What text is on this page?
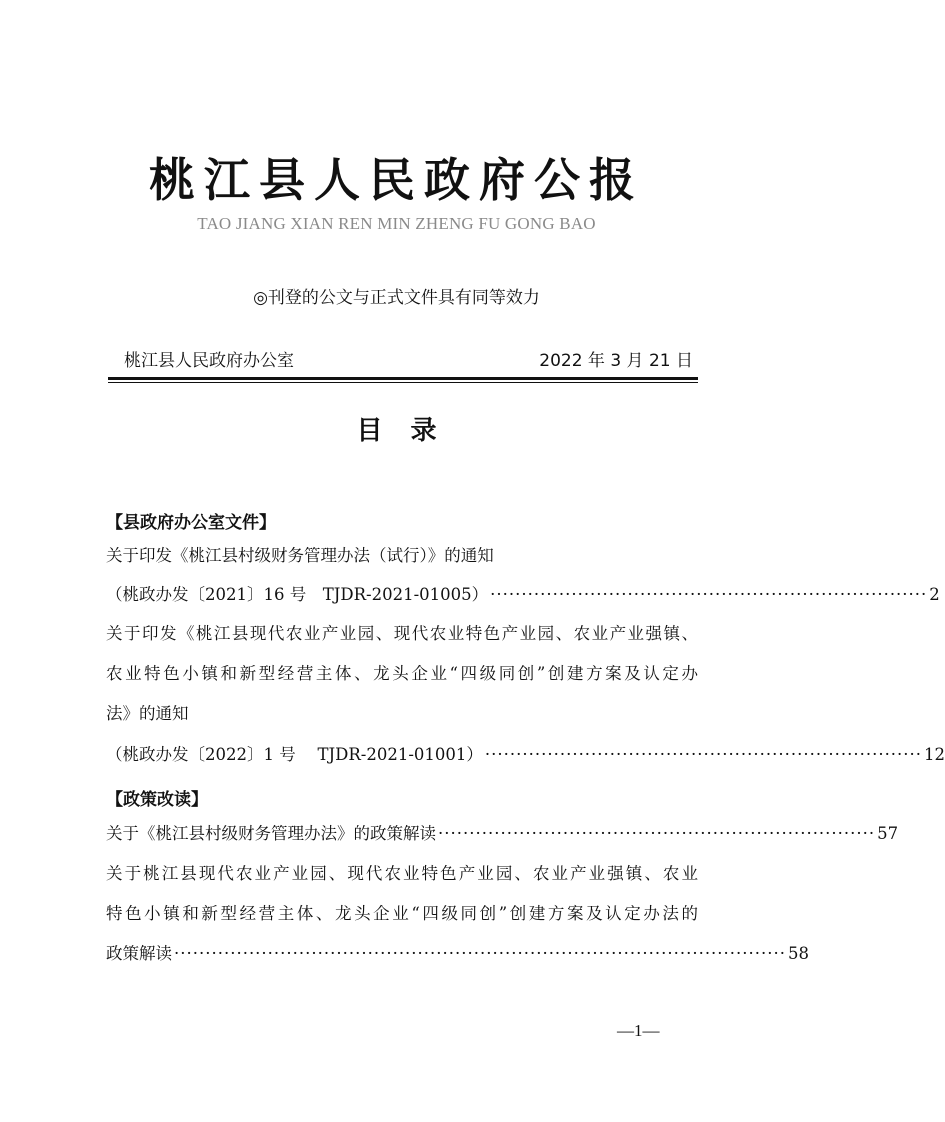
桃江县人民政府公报
TAO JIANG XIAN REN MIN ZHENG FU GONG BAO
◎刊登的公文与正式文件具有同等效力
桃江县人民政府办公室	2022 年 3 月 21 日
目录
【县政府办公室文件】
关于印发《桃江县村级财务管理办法（试行）》的通知
（桃政办发〔2021〕16 号　TJDR-2021-01005） ······································································ 2
关于印发《桃江县现代农业产业园、现代农业特色产业园、农业产业强镇、
农业特色小镇和新型经营主体、龙头企业“四级同创”创建方案及认定办
法》的通知
（桃政办发〔2022〕1 号　 TJDR-2021-01001） ······································································ 12
【政策改读】
关于《桃江县村级财务管理办法》的政策解读 ······································································ 57
关于桃江县现代农业产业园、现代农业特色产业园、农业产业强镇、农业
特色小镇和新型经营主体、龙头企业“四级同创”创建方案及认定办法的
政策解读 ·································································································· 58
—1—
